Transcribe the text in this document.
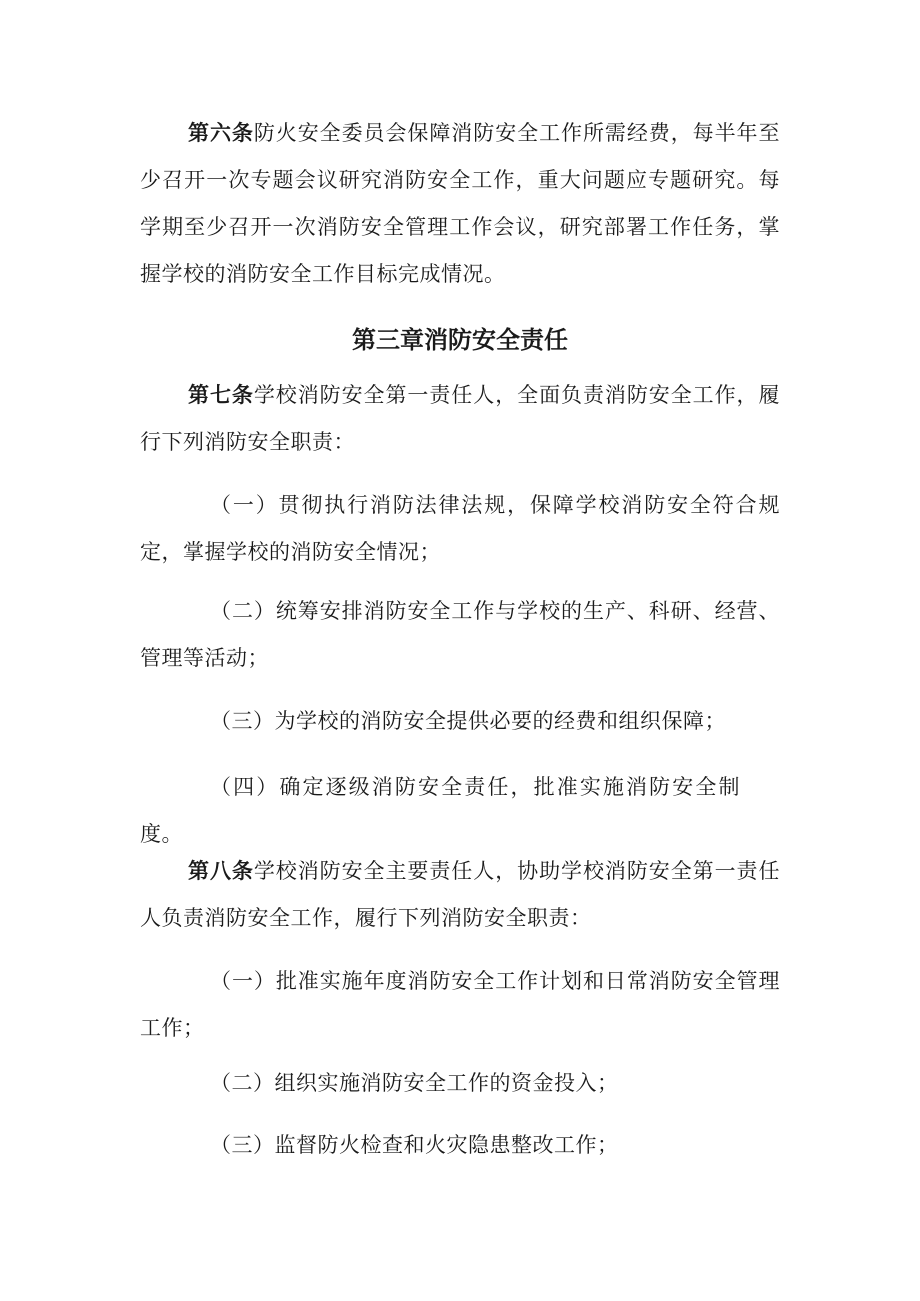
第六条防火安全委员会保障消防安全工作所需经费，每半年至少召开一次专题会议研究消防安全工作，重大问题应专题研究。每学期至少召开一次消防安全管理工作会议，研究部署工作任务，掌握学校的消防安全工作目标完成情况。

第三章消防安全责任

第七条学校消防安全第一责任人，全面负责消防安全工作，履行下列消防安全职责：

（一）贯彻执行消防法律法规，保障学校消防安全符合规定，掌握学校的消防安全情况；

（二）统筹安排消防安全工作与学校的生产、科研、经营、管理等活动；

（三）为学校的消防安全提供必要的经费和组织保障；

（四）确定逐级消防安全责任，批准实施消防安全制度。

第八条学校消防安全主要责任人，协助学校消防安全第一责任人负责消防安全工作，履行下列消防安全职责：

（一）批准实施年度消防安全工作计划和日常消防安全管理工作；

（二）组织实施消防安全工作的资金投入；

（三）监督防火检查和火灾隐患整改工作；
